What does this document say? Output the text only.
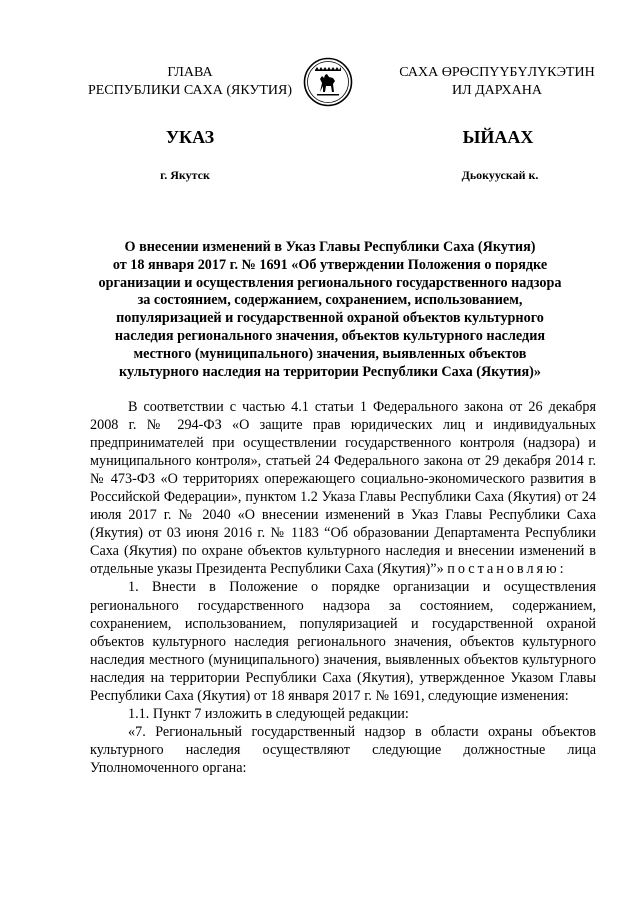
ГЛАВА
РЕСПУБЛИКИ САХА (ЯКУТИЯ)
САХА ӨРӨСПҮҮБҮЛҮКЭТИН
ИЛ ДАРХАНА
УКАЗ	ЫЙААХ
г. Якутск	Дьокуускай к.
О внесении изменений в Указ Главы Республики Саха (Якутия)
от 18 января 2017 г. № 1691 «Об утверждении Положения о порядке
организации и осуществления регионального государственного надзора
за состоянием, содержанием, сохранением, использованием,
популяризацией и государственной охраной объектов культурного
наследия регионального значения, объектов культурного наследия
местного (муниципального) значения, выявленных объектов
культурного наследия на территории Республики Саха (Якутия)»

В соответствии с частью 4.1 статьи 1 Федерального закона от 26 декабря 2008 г. № 294-ФЗ «О защите прав юридических лиц и индивидуальных предпринимателей при осуществлении государственного контроля (надзора) и муниципального контроля», статьей 24 Федерального закона от 29 декабря 2014 г. № 473-ФЗ «О территориях опережающего социально-экономического развития в Российской Федерации», пунктом 1.2 Указа Главы Республики Саха (Якутия) от 24 июля 2017 г. № 2040 «О внесении изменений в Указ Главы Республики Саха (Якутия) от 03 июня 2016 г. № 1183 “Об образовании Департамента Республики Саха (Якутия) по охране объектов культурного наследия и внесении изменений в отдельные указы Президента Республики Саха (Якутия)”» постановляю:

1. Внести в Положение о порядке организации и осуществления регионального государственного надзора за состоянием, содержанием, сохранением, использованием, популяризацией и государственной охраной объектов культурного наследия регионального значения, объектов культурного наследия местного (муниципального) значения, выявленных объектов культурного наследия на территории Республики Саха (Якутия), утвержденное Указом Главы Республики Саха (Якутия) от 18 января 2017 г. № 1691, следующие изменения:

1.1. Пункт 7 изложить в следующей редакции:

«7. Региональный государственный надзор в области охраны объектов культурного наследия осуществляют следующие должностные лица Уполномоченного органа:
